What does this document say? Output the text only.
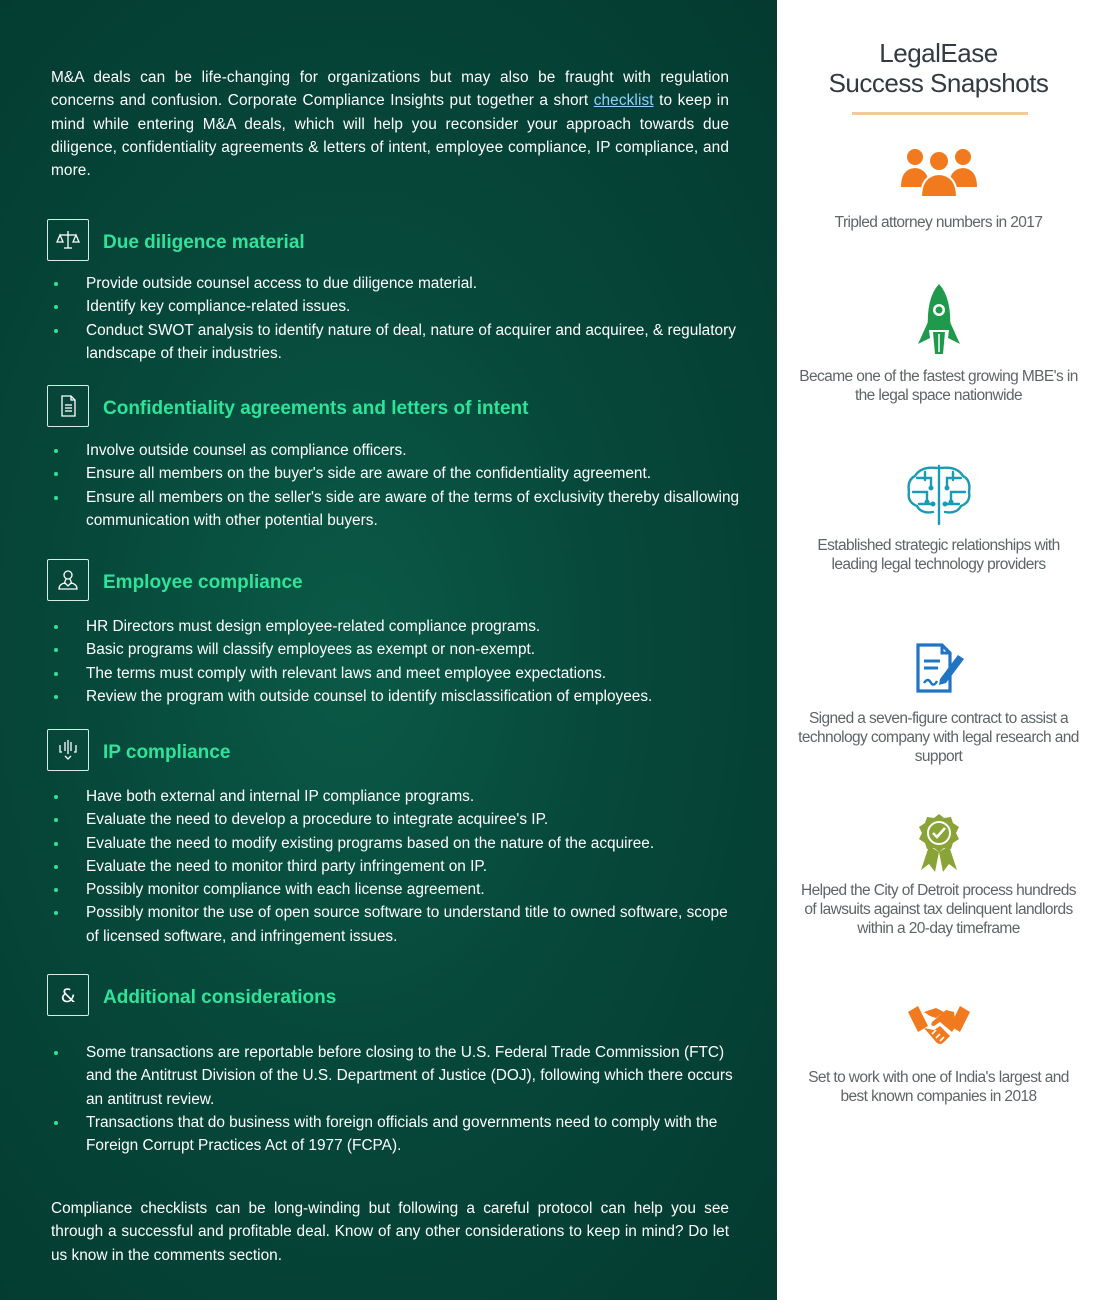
M&A deals can be life-changing for organizations but may also be fraught with regulation concerns and confusion. Corporate Compliance Insights put together a short checklist to keep in mind while entering M&A deals, which will help you reconsider your approach towards due diligence, confidentiality agreements & letters of intent, employee compliance, IP compliance, and more.

Due diligence material
Provide outside counsel access to due diligence material.
Identify key compliance-related issues.
Conduct SWOT analysis to identify nature of deal, nature of acquirer and acquiree, & regulatory landscape of their industries.
Confidentiality agreements and letters of intent
Involve outside counsel as compliance officers.
Ensure all members on the buyer's side are aware of the confidentiality agreement.
Ensure all members on the seller's side are aware of the terms of exclusivity thereby disallowing communication with other potential buyers.
Employee compliance
HR Directors must design employee-related compliance programs.
Basic programs will classify employees as exempt or non-exempt.
The terms must comply with relevant laws and meet employee expectations.
Review the program with outside counsel to identify misclassification of employees.
IP compliance
Have both external and internal IP compliance programs.
Evaluate the need to develop a procedure to integrate acquiree's IP.
Evaluate the need to modify existing programs based on the nature of the acquiree.
Evaluate the need to monitor third party infringement on IP.
Possibly monitor compliance with each license agreement.
Possibly monitor the use of open source software to understand title to owned software, scope of licensed software, and infringement issues.
& Additional considerations
Some transactions are reportable before closing to the U.S. Federal Trade Commission (FTC) and the Antitrust Division of the U.S. Department of Justice (DOJ), following which there occurs an antitrust review.
Transactions that do business with foreign officials and governments need to comply with the Foreign Corrupt Practices Act of 1977 (FCPA).

Compliance checklists can be long-winding but following a careful protocol can help you see through a successful and profitable deal. Know of any other considerations to keep in mind? Do let us know in the comments section.

LegalEase
Success Snapshots
Tripled attorney numbers in 2017
Became one of the fastest growing MBE's in the legal space nationwide
Established strategic relationships with leading legal technology providers
Signed a seven-figure contract to assist a technology company with legal research and support
Helped the City of Detroit process hundreds of lawsuits against tax delinquent landlords within a 20-day timeframe
Set to work with one of India's largest and best known companies in 2018
